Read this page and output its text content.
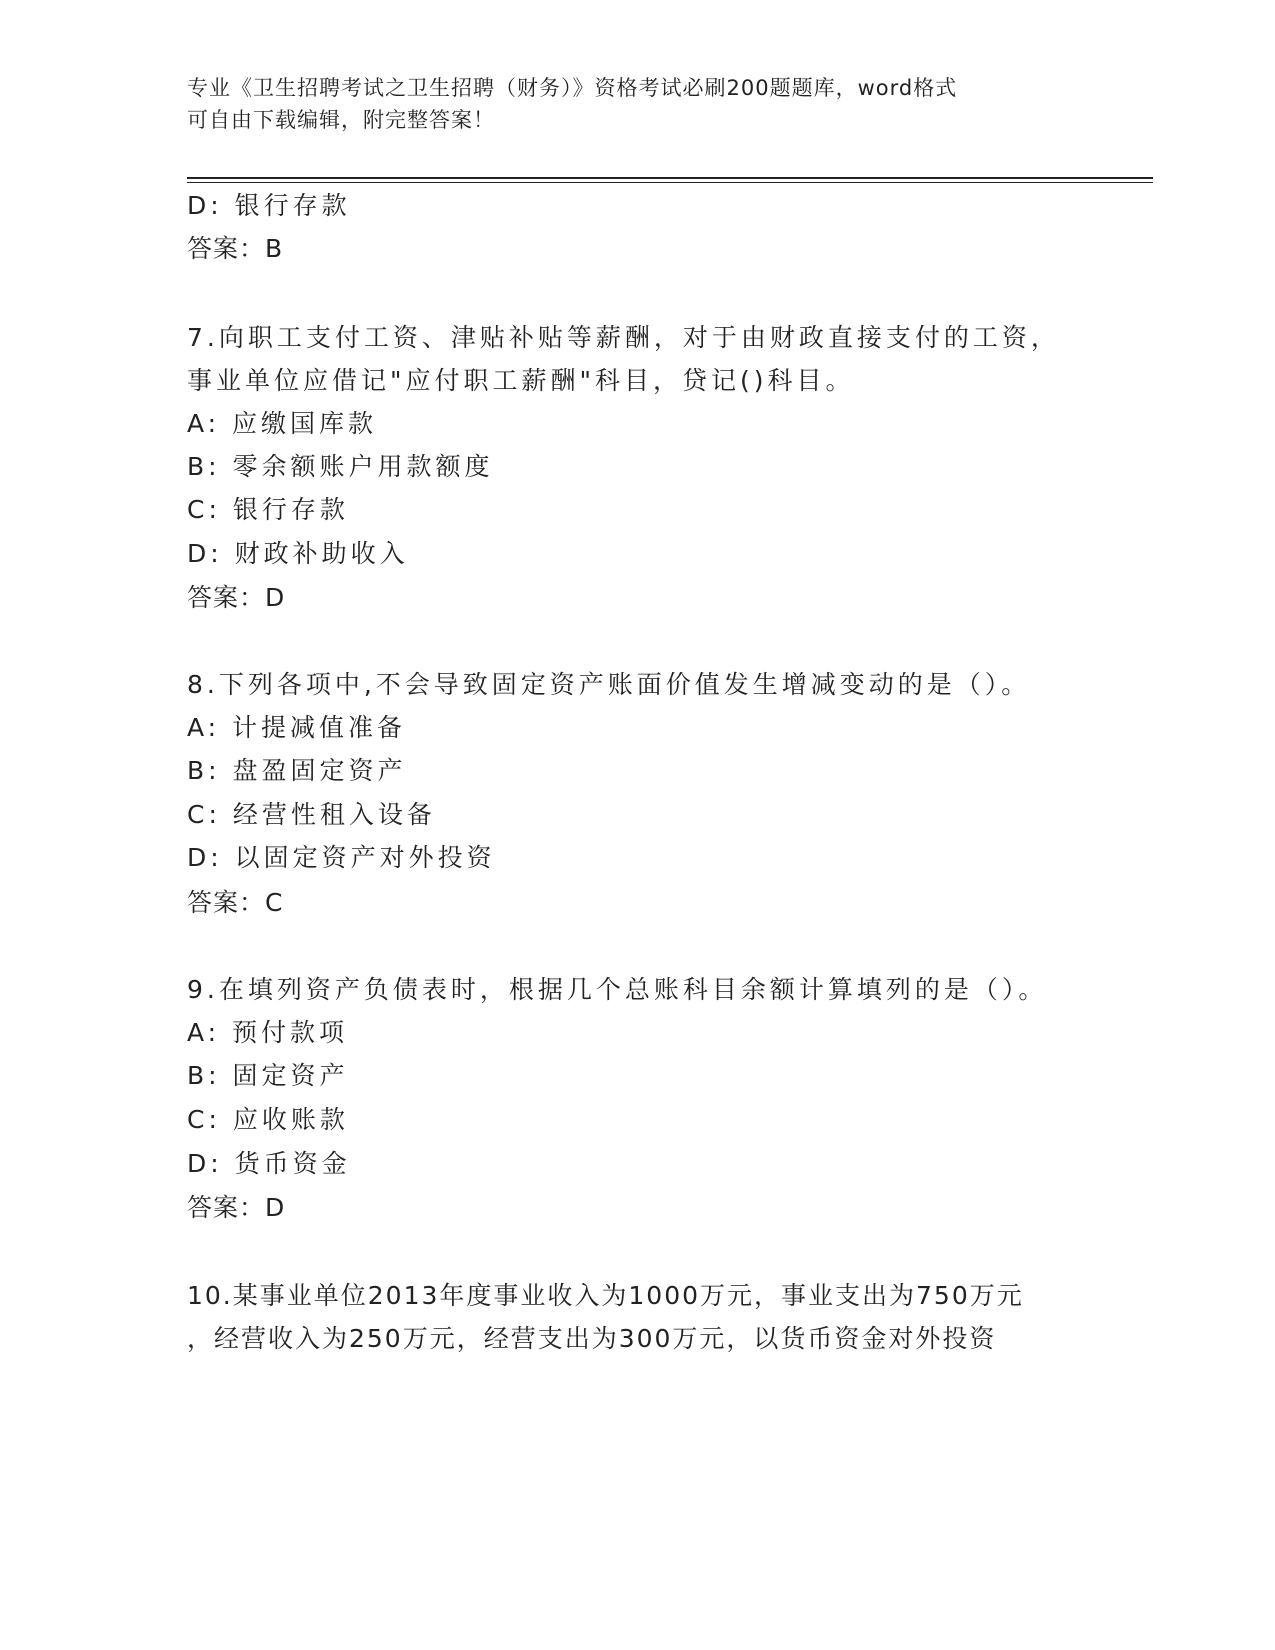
专业《卫生招聘考试之卫生招聘（财务）》资格考试必刷200题题库，word格式
可自由下载编辑，附完整答案！
D: 银行存款
答案：B
7.向职工支付工资、津贴补贴等薪酬，对于由财政直接支付的工资，
事业单位应借记"应付职工薪酬"科目，贷记()科目。
A: 应缴国库款
B: 零余额账户用款额度
C: 银行存款
D: 财政补助收入
答案：D
8.下列各项中,不会导致固定资产账面价值发生增减变动的是（）。
A: 计提减值准备
B: 盘盈固定资产
C: 经营性租入设备
D: 以固定资产对外投资
答案：C
9.在填列资产负债表时，根据几个总账科目余额计算填列的是（）。
A: 预付款项
B: 固定资产
C: 应收账款
D: 货币资金
答案：D
10.某事业单位2013年度事业收入为1000万元，事业支出为750万元
，经营收入为250万元，经营支出为300万元，以货币资金对外投资
